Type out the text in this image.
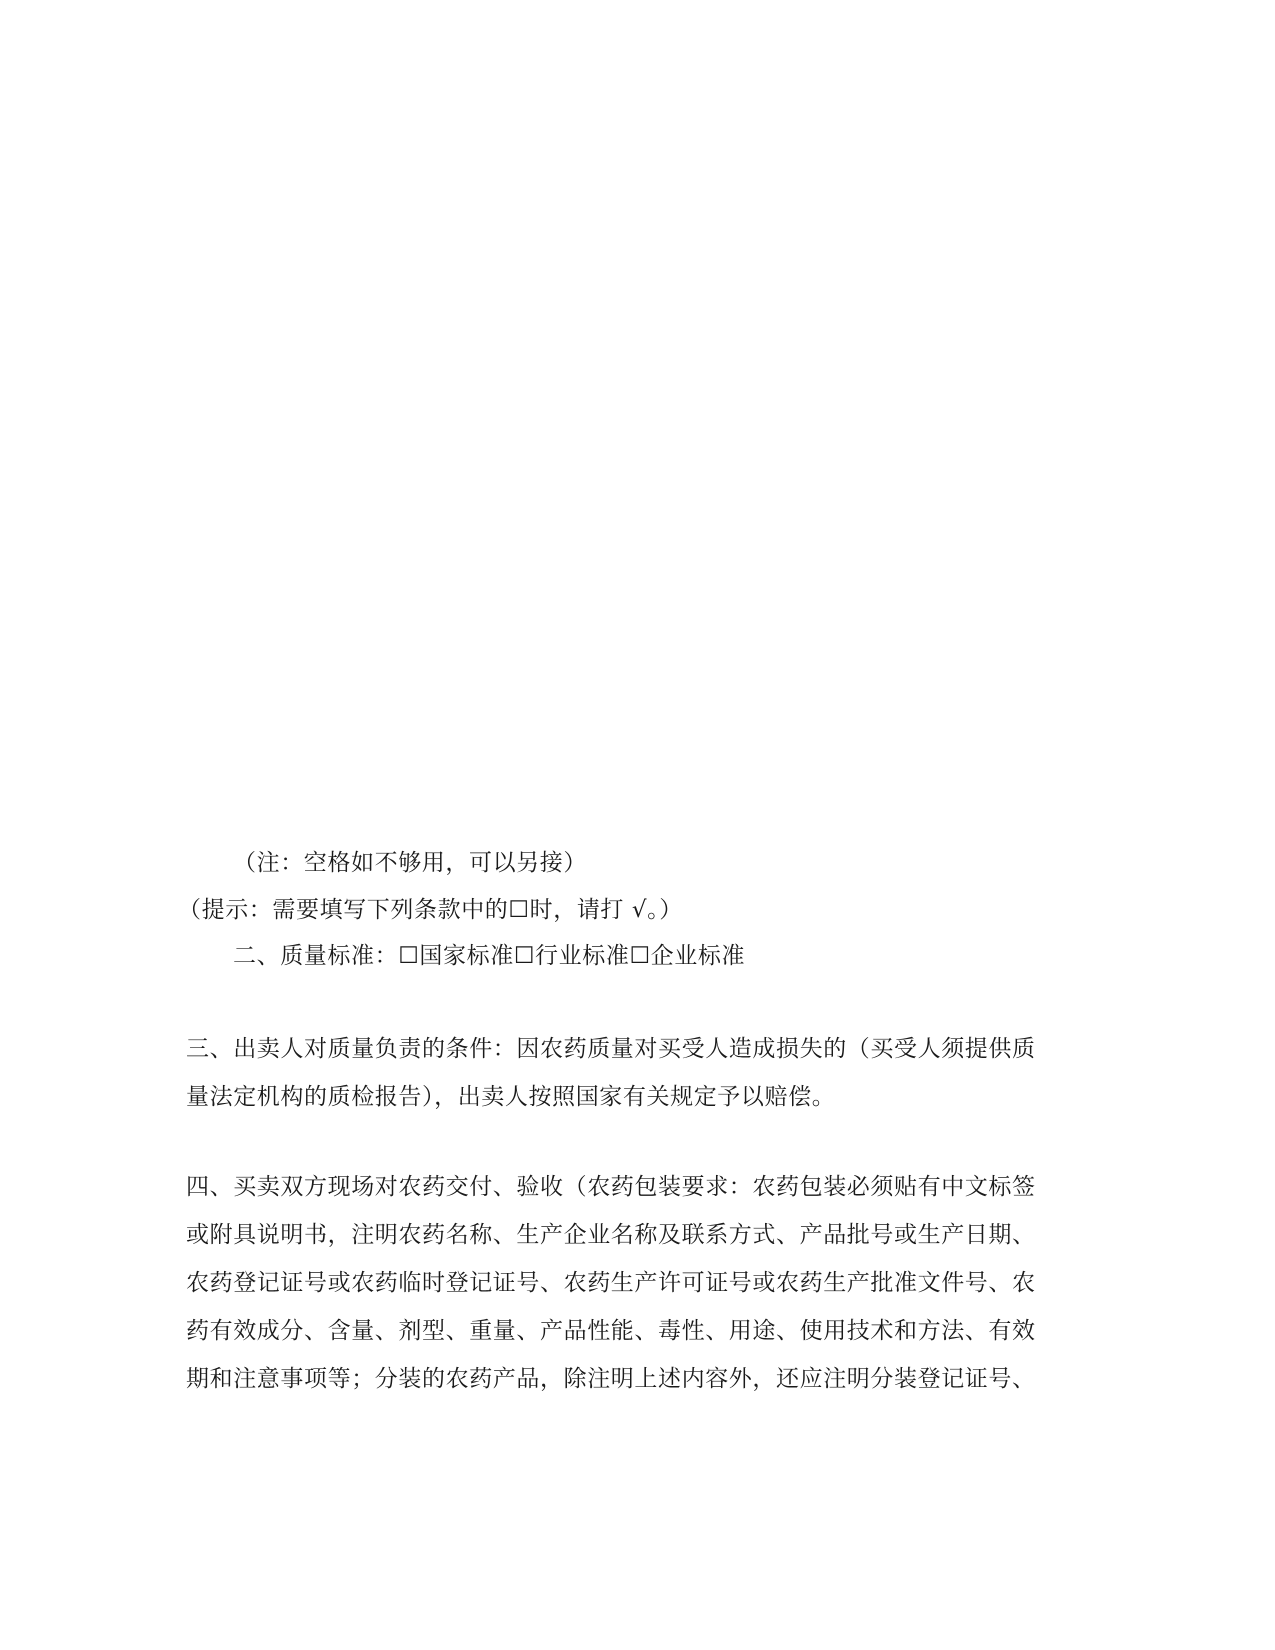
（注：空格如不够用，可以另接）
（提示：需要填写下列条款中的☐时，请打 √。）
二、质量标准：☐国家标准☐行业标准☐企业标准
三、出卖人对质量负责的条件：因农药质量对买受人造成损失的（买受人须提供质
量法定机构的质检报告），出卖人按照国家有关规定予以赔偿。
四、买卖双方现场对农药交付、验收（农药包装要求：农药包装必须贴有中文标签
或附具说明书，注明农药名称、生产企业名称及联系方式、产品批号或生产日期、
农药登记证号或农药临时登记证号、农药生产许可证号或农药生产批准文件号、农
药有效成分、含量、剂型、重量、产品性能、毒性、用途、使用技术和方法、有效
期和注意事项等；分装的农药产品，除注明上述内容外，还应注明分装登记证号、
